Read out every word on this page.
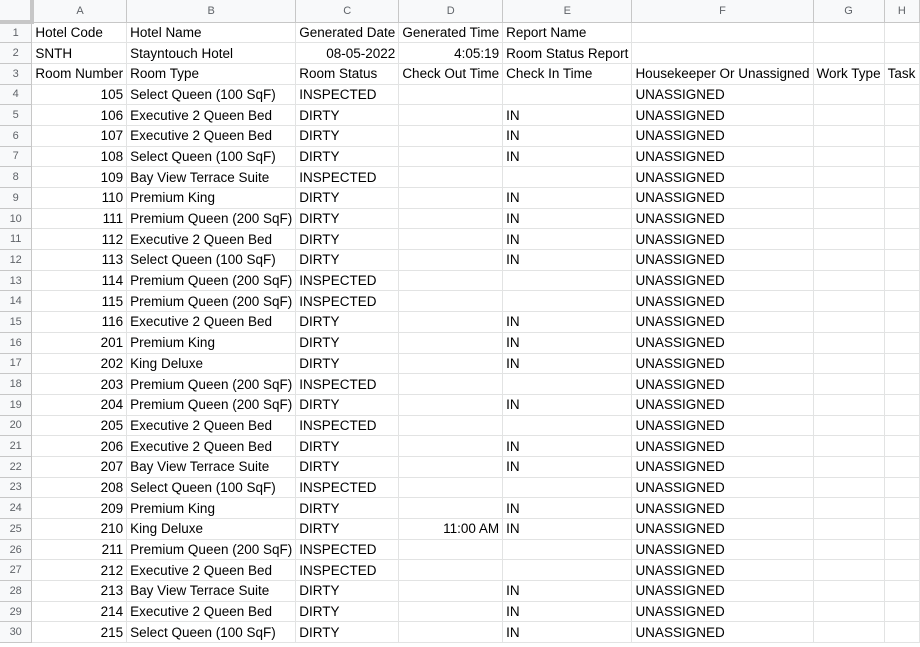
	A	B	C	D	E	F	G	H
1	Hotel Code	Hotel Name	Generated Date	Generated Time	Report Name			
2	SNTH	Stayntouch Hotel	08-05-2022	4:05:19	Room Status Report			
3	Room Number	Room Type	Room Status	Check Out Time	Check In Time	Housekeeper Or Unassigned	Work Type	Task
4	105	Select Queen (100 SqF)	INSPECTED			UNASSIGNED		
5	106	Executive 2 Queen Bed	DIRTY		IN	UNASSIGNED		
6	107	Executive 2 Queen Bed	DIRTY		IN	UNASSIGNED		
7	108	Select Queen (100 SqF)	DIRTY		IN	UNASSIGNED		
8	109	Bay View Terrace Suite	INSPECTED			UNASSIGNED		
9	110	Premium King	DIRTY		IN	UNASSIGNED		
10	111	Premium Queen (200 SqF)	DIRTY		IN	UNASSIGNED		
11	112	Executive 2 Queen Bed	DIRTY		IN	UNASSIGNED		
12	113	Select Queen (100 SqF)	DIRTY		IN	UNASSIGNED		
13	114	Premium Queen (200 SqF)	INSPECTED			UNASSIGNED		
14	115	Premium Queen (200 SqF)	INSPECTED			UNASSIGNED		
15	116	Executive 2 Queen Bed	DIRTY		IN	UNASSIGNED		
16	201	Premium King	DIRTY		IN	UNASSIGNED		
17	202	King Deluxe	DIRTY		IN	UNASSIGNED		
18	203	Premium Queen (200 SqF)	INSPECTED			UNASSIGNED		
19	204	Premium Queen (200 SqF)	DIRTY		IN	UNASSIGNED		
20	205	Executive 2 Queen Bed	INSPECTED			UNASSIGNED		
21	206	Executive 2 Queen Bed	DIRTY		IN	UNASSIGNED		
22	207	Bay View Terrace Suite	DIRTY		IN	UNASSIGNED		
23	208	Select Queen (100 SqF)	INSPECTED			UNASSIGNED		
24	209	Premium King	DIRTY		IN	UNASSIGNED		
25	210	King Deluxe	DIRTY	11:00 AM	IN	UNASSIGNED		
26	211	Premium Queen (200 SqF)	INSPECTED			UNASSIGNED		
27	212	Executive 2 Queen Bed	INSPECTED			UNASSIGNED		
28	213	Bay View Terrace Suite	DIRTY		IN	UNASSIGNED		
29	214	Executive 2 Queen Bed	DIRTY		IN	UNASSIGNED		
30	215	Select Queen (100 SqF)	DIRTY		IN	UNASSIGNED		
